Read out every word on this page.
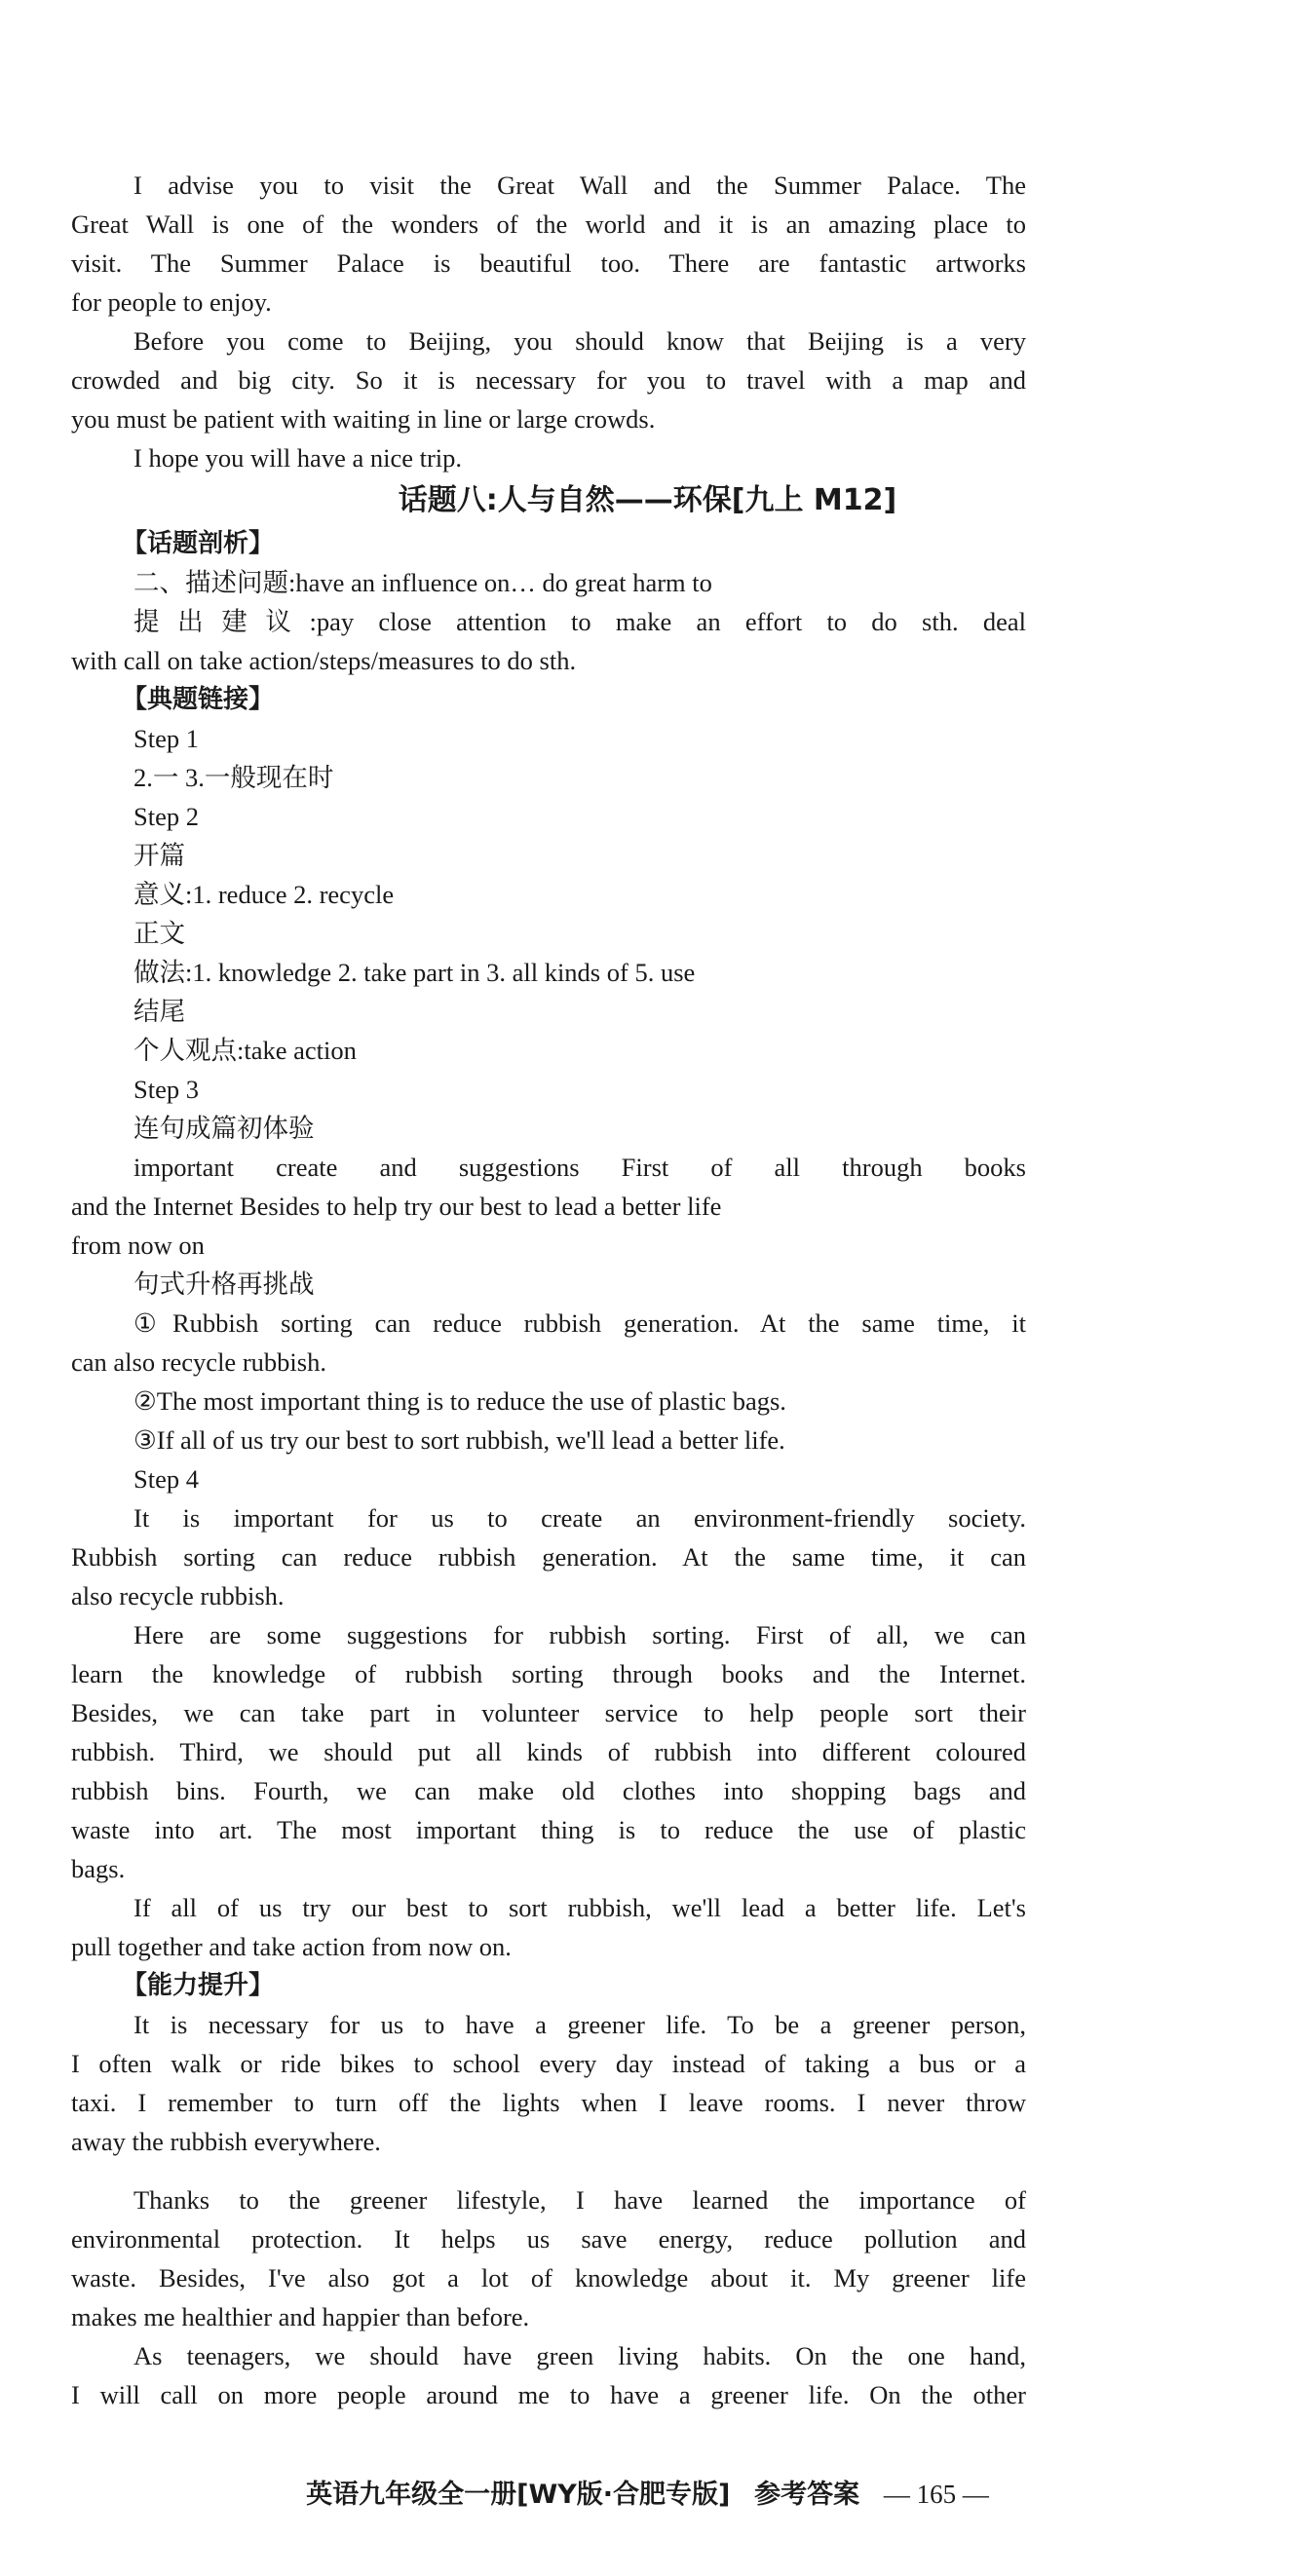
I advise you to visit the Great Wall and the Summer Palace. The
Great Wall is one of the wonders of the world and it is an amazing place to
visit. The Summer Palace is beautiful too. There are fantastic artworks
for people to enjoy.
Before you come to Beijing, you should know that Beijing is a very
crowded and big city. So it is necessary for you to travel with a map and
you must be patient with waiting in line or large crowds.
I hope you will have a nice trip.
话题八:人与自然——环保[九上 M12]
【话题剖析】
二、描述问题:have an influence on… do great harm to
提出建议:pay close attention to make an effort to do sth. deal
with call on take action/steps/measures to do sth.
【典题链接】
Step 1
2.一 3.一般现在时
Step 2
开篇
意义:1. reduce 2. recycle
正文
做法:1. knowledge 2. take part in 3. all kinds of 5. use
结尾
个人观点:take action
Step 3
连句成篇初体验
important create and suggestions First of all through books
and the Internet Besides to help try our best to lead a better life
from now on
句式升格再挑战
①Rubbish sorting can reduce rubbish generation. At the same time, it
can also recycle rubbish.
②The most important thing is to reduce the use of plastic bags.
③If all of us try our best to sort rubbish, we'll lead a better life.
Step 4
It is important for us to create an environment-friendly society.
Rubbish sorting can reduce rubbish generation. At the same time, it can
also recycle rubbish.
Here are some suggestions for rubbish sorting. First of all, we can
learn the knowledge of rubbish sorting through books and the Internet.
Besides, we can take part in volunteer service to help people sort their
rubbish. Third, we should put all kinds of rubbish into different coloured
rubbish bins. Fourth, we can make old clothes into shopping bags and
waste into art. The most important thing is to reduce the use of plastic
bags.
If all of us try our best to sort rubbish, we'll lead a better life. Let's
pull together and take action from now on.
【能力提升】
It is necessary for us to have a greener life. To be a greener person,
I often walk or ride bikes to school every day instead of taking a bus or a
taxi. I remember to turn off the lights when I leave rooms. I never throw
away the rubbish everywhere.
Thanks to the greener lifestyle, I have learned the importance of
environmental protection. It helps us save energy, reduce pollution and
waste. Besides, I've also got a lot of knowledge about it. My greener life
makes me healthier and happier than before.
As teenagers, we should have green living habits. On the one hand,
I will call on more people around me to have a greener life. On the other
英语九年级全一册[WY版·合肥专版] 参考答案 — 165 —
